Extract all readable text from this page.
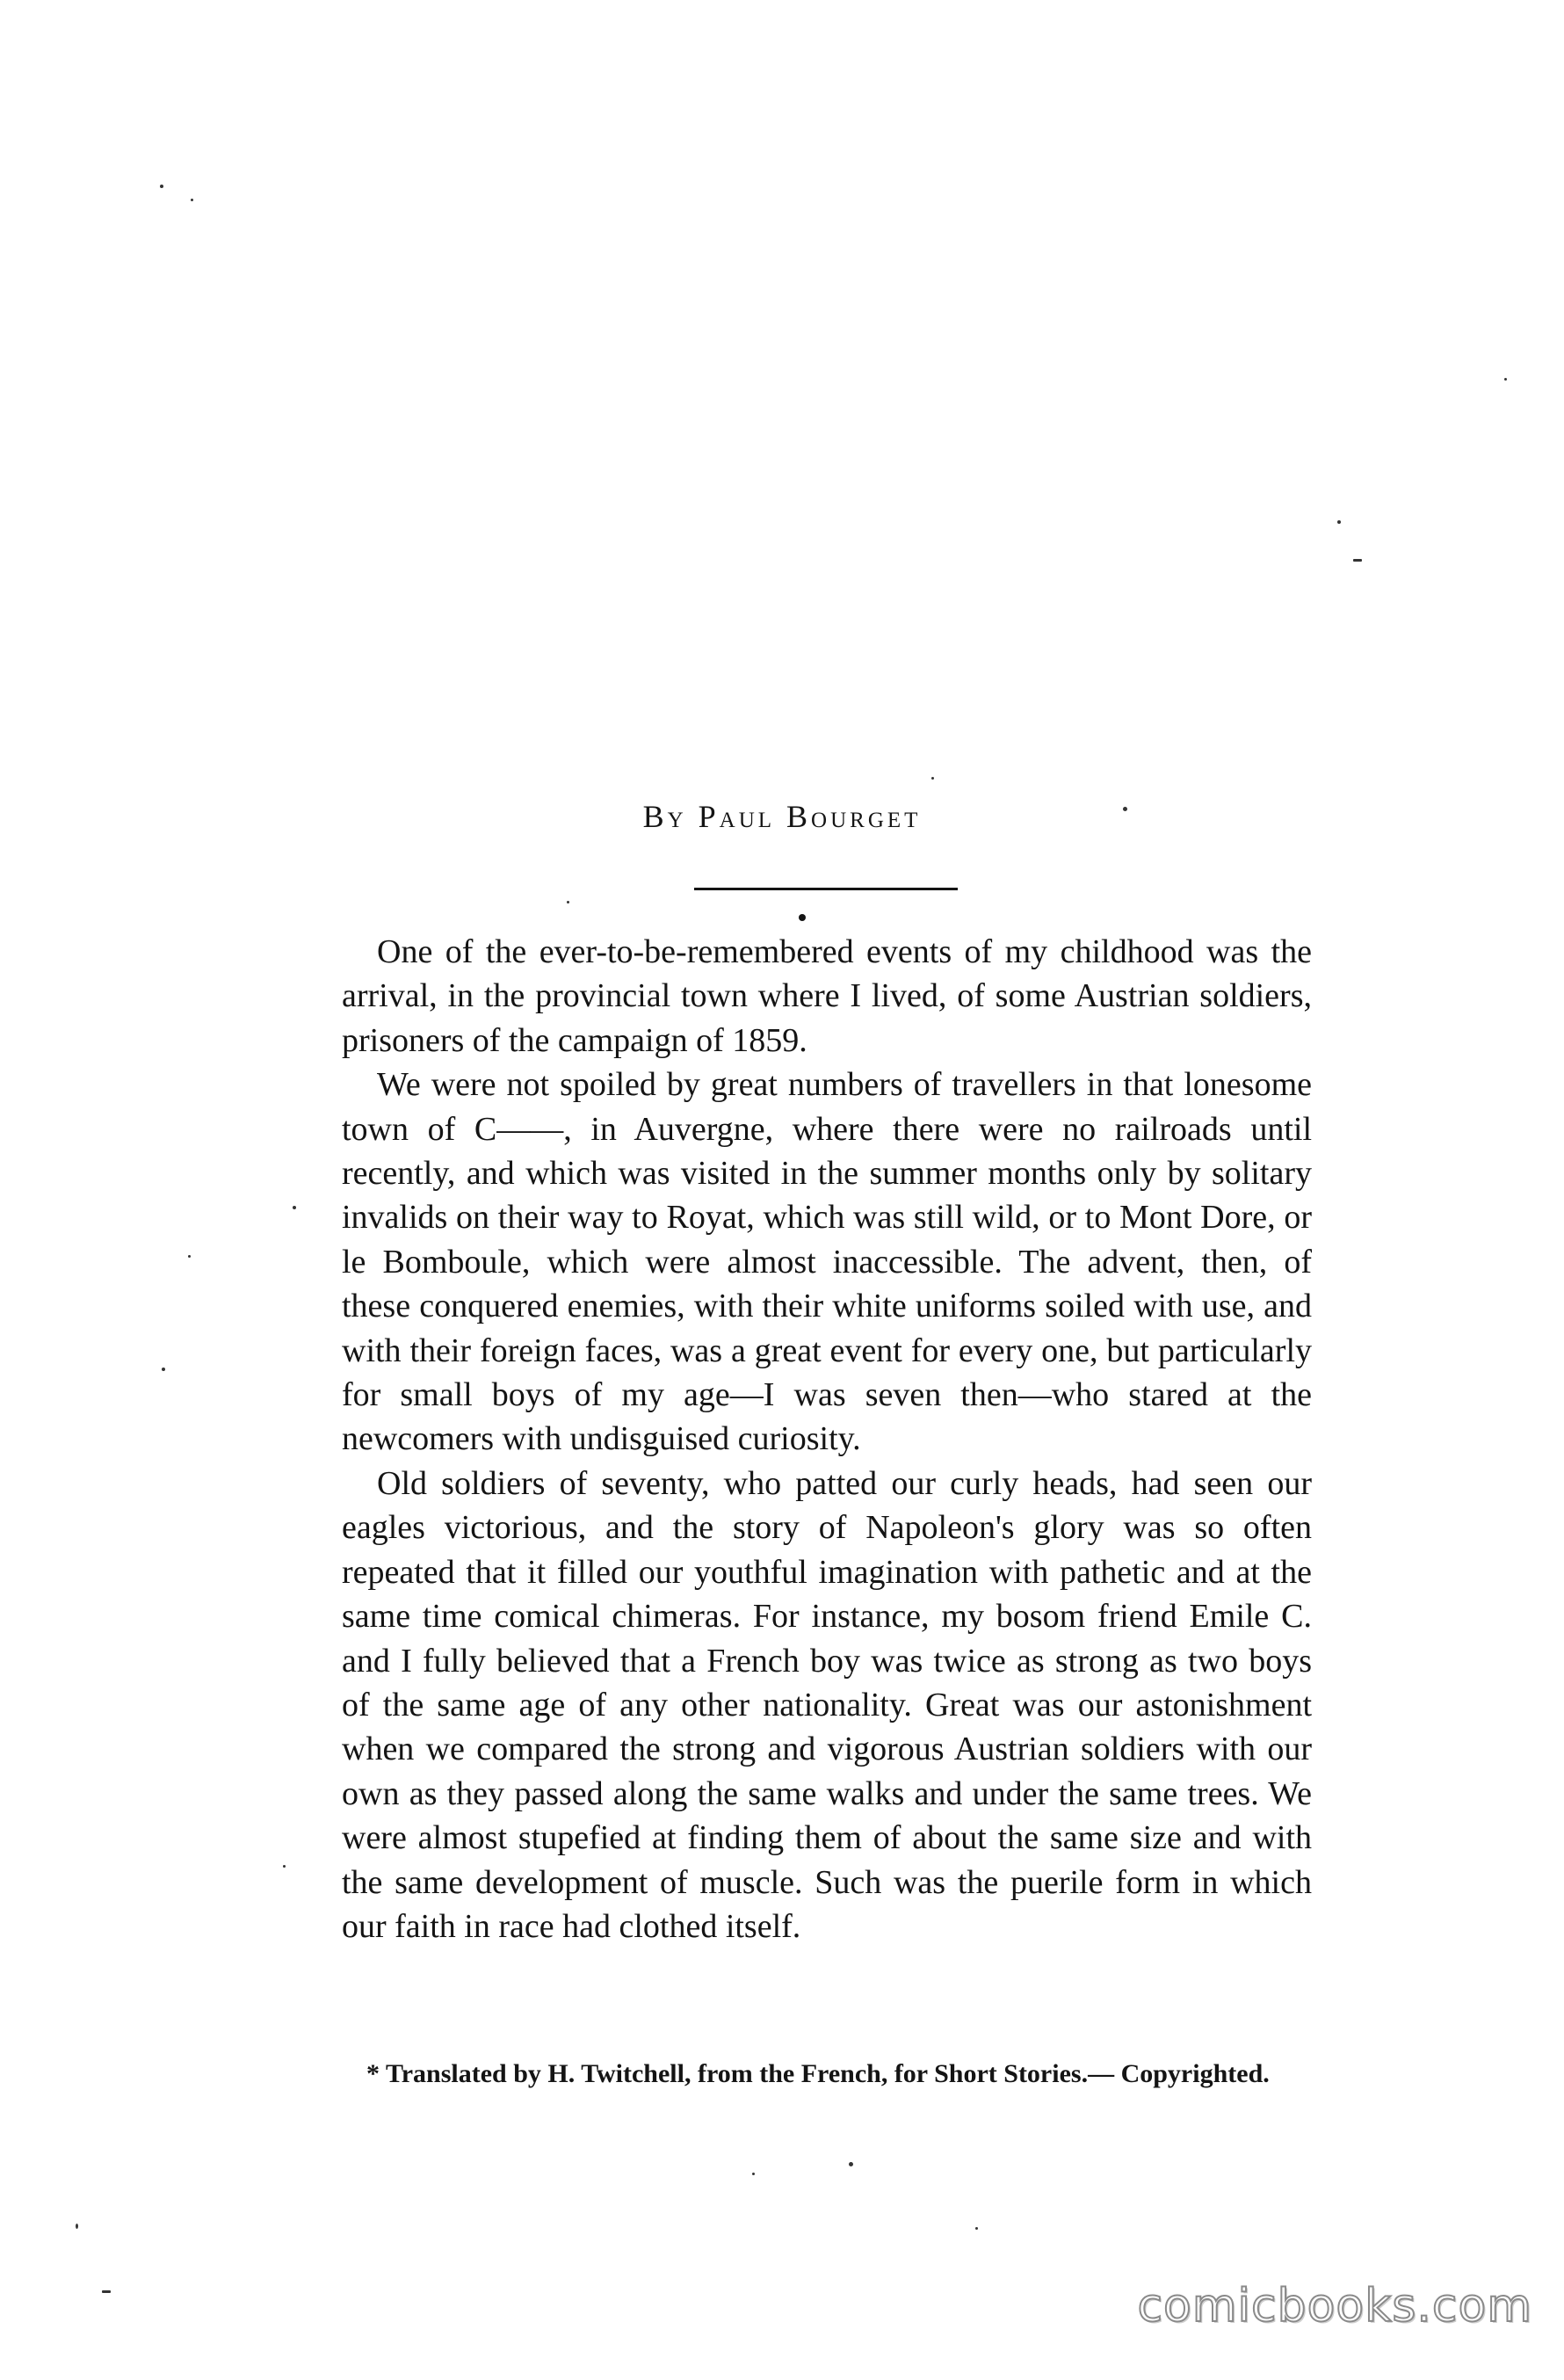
By Paul Bourget

One of the ever-to-be-remembered events of my childhood was the arrival, in the provincial town where I lived, of some Austrian soldiers, prisoners of the campaign of 1859.

We were not spoiled by great numbers of travellers in that lonesome town of C——, in Auvergne, where there were no railroads until recently, and which was visited in the summer months only by solitary invalids on their way to Royat, which was still wild, or to Mont Dore, or le Bomboule, which were almost inaccessible. The advent, then, of these conquered enemies, with their white uniforms soiled with use, and with their foreign faces, was a great event for every one, but particularly for small boys of my age—I was seven then—who stared at the newcomers with undisguised curiosity.

Old soldiers of seventy, who patted our curly heads, had seen our eagles victorious, and the story of Napoleon's glory was so often repeated that it filled our youthful imagination with pathetic and at the same time comical chimeras. For instance, my bosom friend Emile C. and I fully believed that a French boy was twice as strong as two boys of the same age of any other nationality. Great was our astonishment when we compared the strong and vigorous Austrian soldiers with our own as they passed along the same walks and under the same trees. We were almost stupefied at finding them of about the same size and with the same development of muscle. Such was the puerile form in which our faith in race had clothed itself.

* Translated by H. Twitchell, from the French, for Short Stories.— Copyrighted.
comicbooks.com
